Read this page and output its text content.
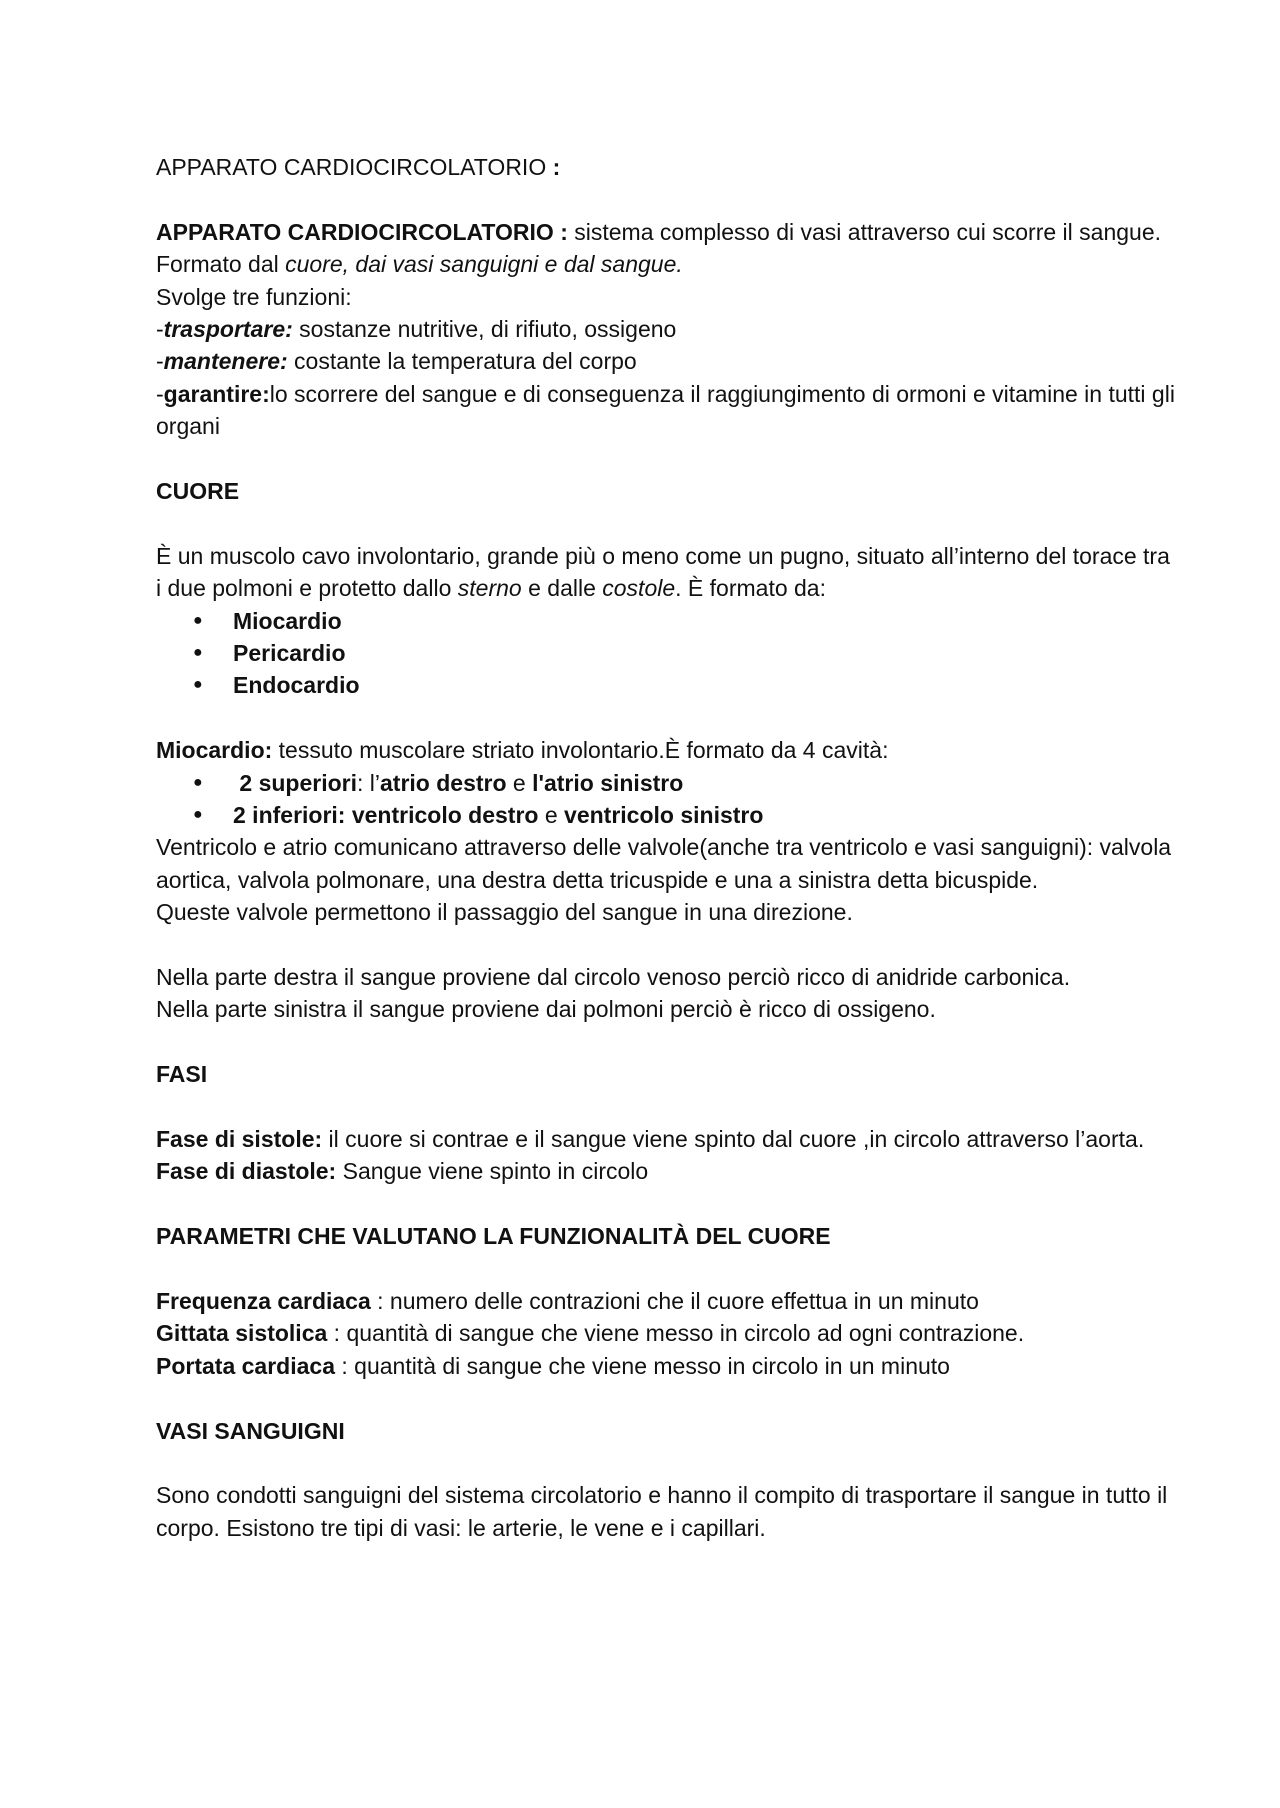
APPARATO CARDIOCIRCOLATORIO :

APPARATO CARDIOCIRCOLATORIO : sistema complesso di vasi attraverso cui scorre il sangue.

Formato dal cuore, dai vasi sanguigni e dal sangue.

Svolge tre funzioni:

-trasportare: sostanze nutritive, di rifiuto, ossigeno

-mantenere: costante la temperatura del corpo

-garantire:lo scorrere del sangue e di conseguenza il raggiungimento di ormoni e vitamine in tutti gli organi

CUORE

È un muscolo cavo involontario, grande più o meno come un pugno, situato all’interno del torace tra i due polmoni e protetto dallo sterno e dalle costole. È formato da:

● Miocardio
● Pericardio
● Endocardio

Miocardio: tessuto muscolare striato involontario.È formato da 4 cavità:

● 2 superiori: l’atrio destro e l'atrio sinistro
● 2 inferiori: ventricolo destro e ventricolo sinistro

Ventricolo e atrio comunicano attraverso delle valvole(anche tra ventricolo e vasi sanguigni): valvola aortica, valvola polmonare, una destra detta tricuspide e una a sinistra detta bicuspide.

Queste valvole permettono il passaggio del sangue in una direzione.

Nella parte destra il sangue proviene dal circolo venoso perciò ricco di anidride carbonica.

Nella parte sinistra il sangue proviene dai polmoni perciò è ricco di ossigeno.

FASI

Fase di sistole: il cuore si contrae e il sangue viene spinto dal cuore ,in circolo attraverso l’aorta.

Fase di diastole: Sangue viene spinto in circolo

PARAMETRI CHE VALUTANO LA FUNZIONALITÀ DEL CUORE

Frequenza cardiaca : numero delle contrazioni che il cuore effettua in un minuto

Gittata sistolica : quantità di sangue che viene messo in circolo ad ogni contrazione.

Portata cardiaca : quantità di sangue che viene messo in circolo in un minuto

VASI SANGUIGNI

Sono condotti sanguigni del sistema circolatorio e hanno il compito di trasportare il sangue in tutto il corpo. Esistono tre tipi di vasi: le arterie, le vene e i capillari.
